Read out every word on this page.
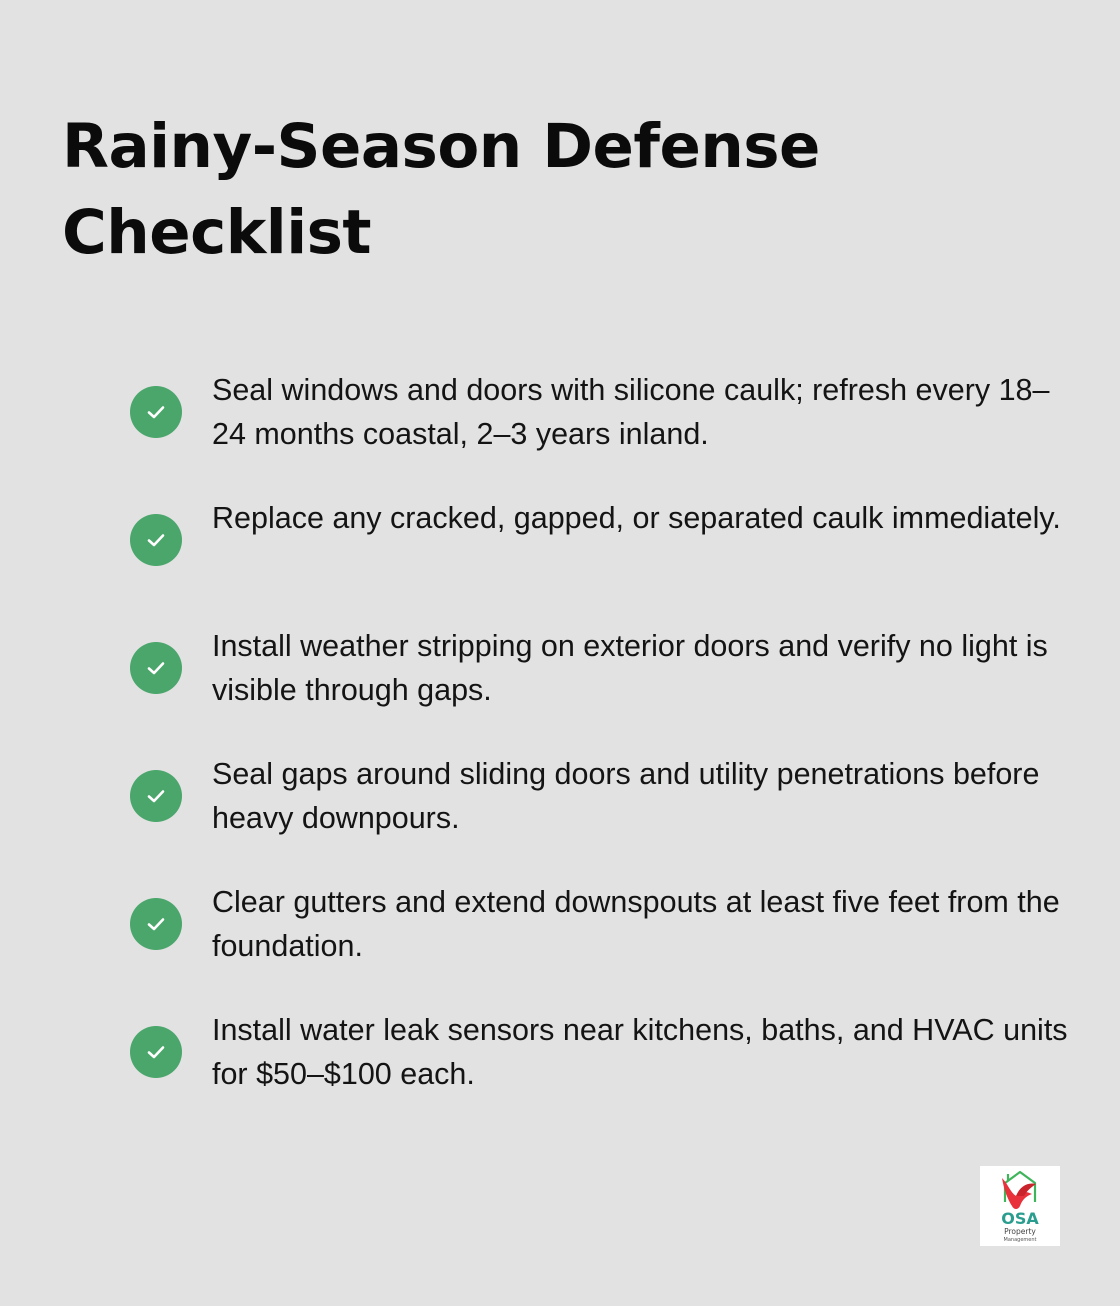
Rainy-Season Defense Checklist
Seal windows and doors with silicone caulk; refresh every 18–24 months coastal, 2–3 years inland.
Replace any cracked, gapped, or separated caulk immediately.
Install weather stripping on exterior doors and verify no light is visible through gaps.
Seal gaps around sliding doors and utility penetrations before heavy downpours.
Clear gutters and extend downspouts at least five feet from the foundation.
Install water leak sensors near kitchens, baths, and HVAC units for $50–$100 each.
OSA
Property
Management
